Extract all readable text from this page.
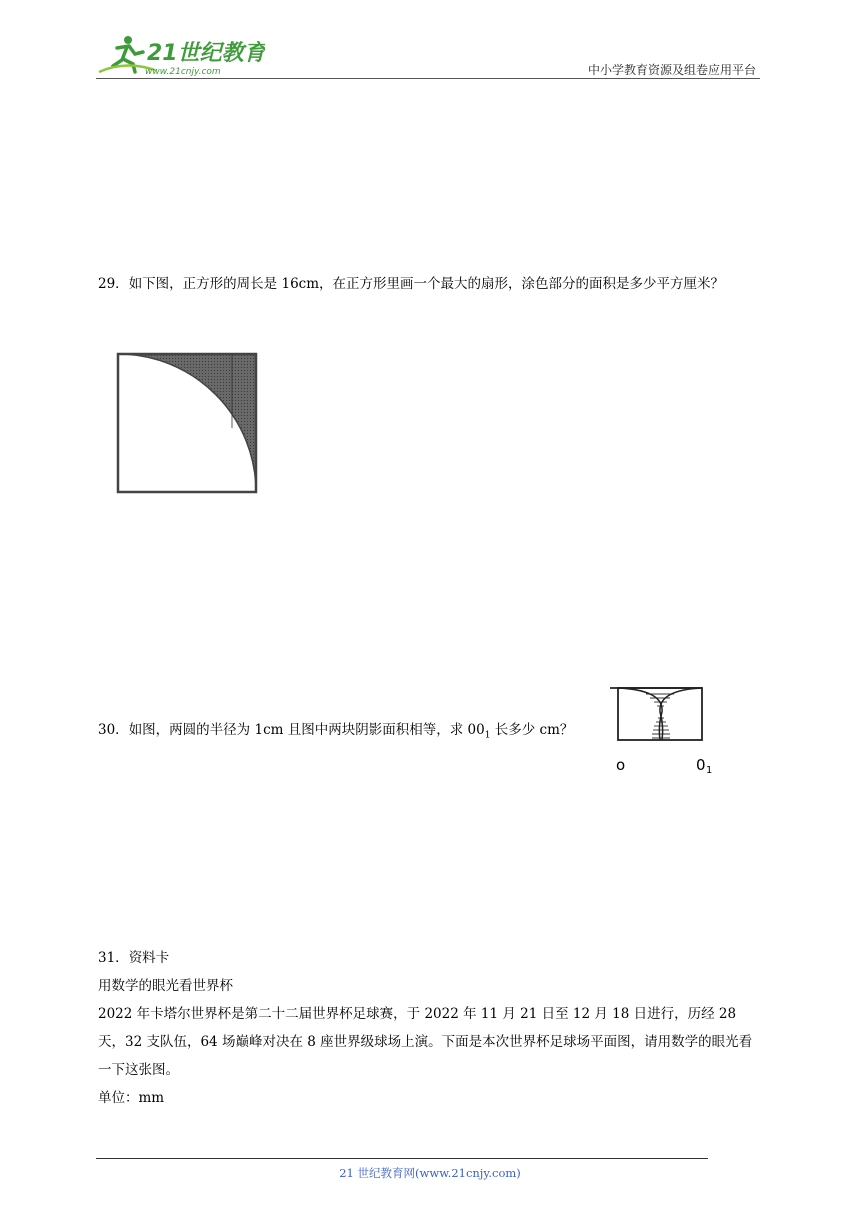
21世纪教育
www.21cnjy.com	中小学教育资源及组卷应用平台
29．如下图，正方形的周长是 16cm，在正方形里画一个最大的扇形，涂色部分的面积是多少平方厘米？
30．如图，两圆的半径为 1cm 且图中两块阴影面积相等，求 $00_1$ 长多少 cm？
o	0 1
31．资料卡
用数学的眼光看世界杯
2022 年卡塔尔世界杯是第二十二届世界杯足球赛，于 2022 年 11 月 21 日至 12 月 18 日进行，历经 28 天，32 支队伍，64 场巅峰对决在 8 座世界级球场上演。下面是本次世界杯足球场平面图，请用数学的眼光看一下这张图。
单位：mm
21 世纪教育网(www.21cnjy.com)
